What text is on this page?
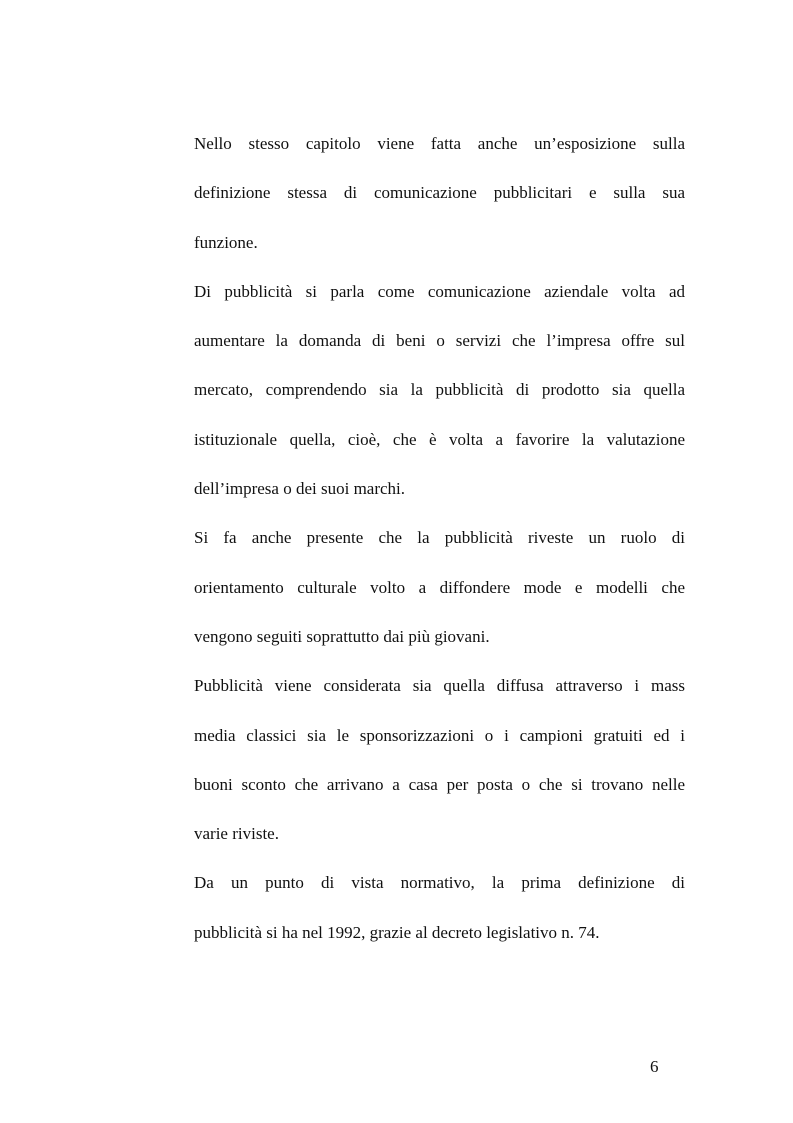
Nello stesso capitolo viene fatta anche un’esposizione sulla
definizione stessa di comunicazione pubblicitari e sulla sua
funzione.
Di pubblicità si parla come comunicazione aziendale volta ad
aumentare la domanda di beni o servizi che l’impresa offre sul
mercato, comprendendo sia la pubblicità di prodotto sia quella
istituzionale quella, cioè, che è volta a favorire la valutazione
dell’impresa o dei suoi marchi.
Si fa anche presente che la pubblicità riveste un ruolo di
orientamento culturale volto a diffondere mode e modelli che
vengono seguiti soprattutto dai più giovani.
Pubblicità viene considerata sia quella diffusa attraverso i mass
media classici sia le sponsorizzazioni o i campioni gratuiti ed i
buoni sconto che arrivano a casa per posta o che si trovano nelle
varie riviste.
Da un punto di vista normativo, la prima definizione di
pubblicità si ha nel 1992, grazie al decreto legislativo n. 74.
6
